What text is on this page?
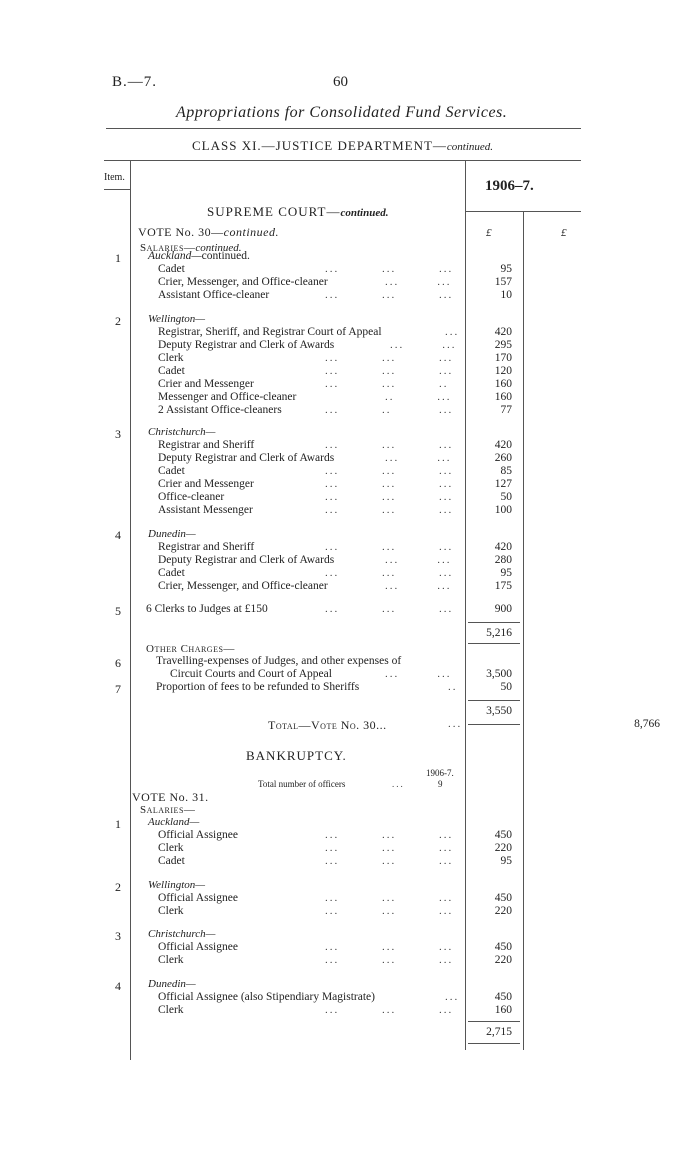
B.—7.	60
Appropriations for Consolidated Fund Services.
CLASS XI.—JUSTICE DEPARTMENT—continued.
Item.
1906–7.
SUPREME COURT—continued.
VOTE No. 30—continued.	£	£
Salaries—continued.
1	Auckland—continued.
Cadet	...         ...         ...	95
Crier, Messenger, and Office-cleaner	...        ...	157
Assistant Office-cleaner	...         ...         ...	10
2	Wellington—
Registrar, Sheriff, and Registrar Court of Appeal	...	420
Deputy Registrar and Clerk of Awards	...        ...	295
Clerk	...         ...         ...	170
Cadet	...         ...         ...	120
Crier and Messenger	...         ...         ..	160
Messenger and Office-cleaner	..         ...	160
2 Assistant Office-cleaners	...         ..          ...	77
3	Christchurch—
Registrar and Sheriff	...         ...         ...	420
Deputy Registrar and Clerk of Awards	...        ...	260
Cadet	...         ...         ...	85
Crier and Messenger	...         ...         ...	127
Office-cleaner	...         ...         ...	50
Assistant Messenger	...         ...         ...	100
4	Dunedin—
Registrar and Sheriff	...         ...         ...	420
Deputy Registrar and Clerk of Awards	...        ...	280
Cadet	...         ...         ...	95
Crier, Messenger, and Office-cleaner	...        ...	175
5	6 Clerks to Judges at £150	...         ...         ...	900
5,216
Other Charges—
6	Travelling-expenses of Judges, and other expenses of
Circuit Courts and Court of Appeal	...        ...	3,500
7	Proportion of fees to be refunded to Sheriffs	..	50
3,550
Total—Vote No. 30...	...	8,766
BANKRUPTCY.
1906-7.
Total number of officers	...	9
VOTE No. 31.
Salaries—
1	Auckland—
Official Assignee	...         ...         ...	450
Clerk	...         ...         ...	220
Cadet	...         ...         ...	95
2	Wellington—
Official Assignee	...         ...         ...	450
Clerk	...         ...         ...	220
3	Christchurch—
Official Assignee	...         ...         ...	450
Clerk	...         ...         ...	220
4	Dunedin—
Official Assignee (also Stipendiary Magistrate)	...	450
Clerk	...         ...         ...	160
2,715
